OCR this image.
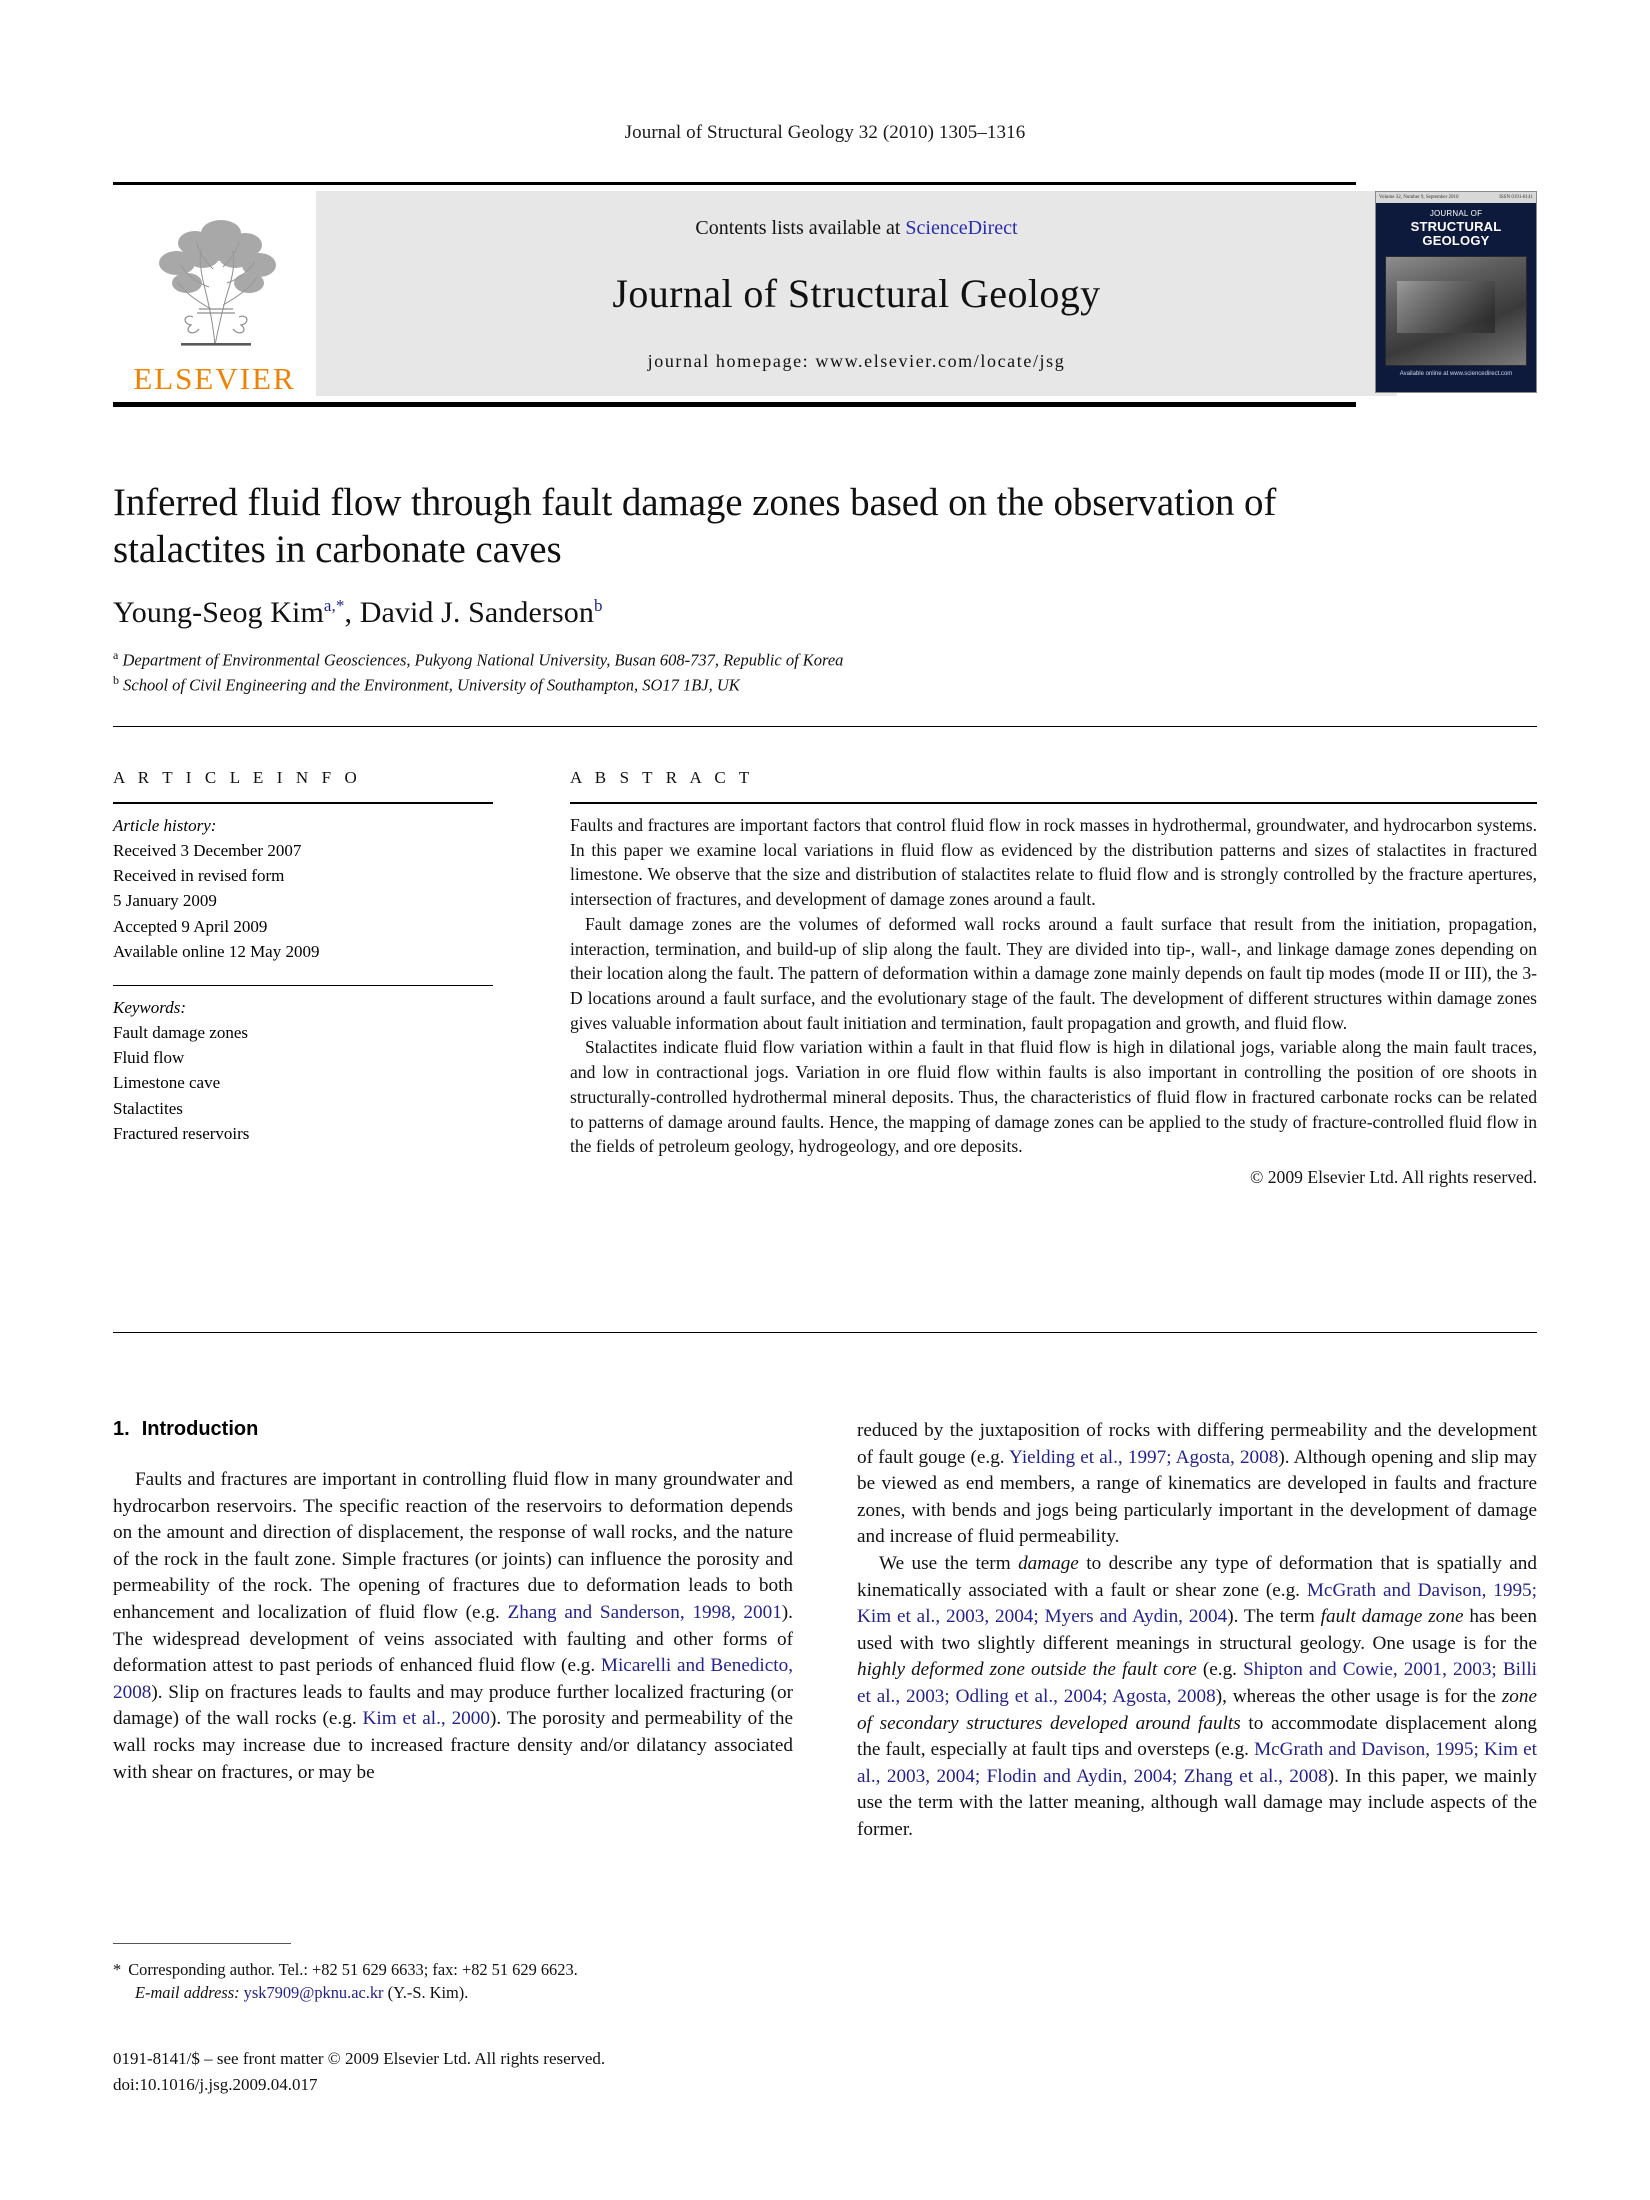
Journal of Structural Geology 32 (2010) 1305–1316
ELSEVIER
Contents lists available at ScienceDirect
Journal of Structural Geology
journal homepage: www.elsevier.com/locate/jsg
Volume 32, Number 9, September 2010	ISSN 0191-8141
JOURNAL OF
STRUCTURAL GEOLOGY
Available online at www.sciencedirect.com
Inferred fluid flow through fault damage zones based on the observation of stalactites in carbonate caves
Young-Seog Kim$^{a,*}$, David J. Sanderson$^b$
$^a$ Department of Environmental Geosciences, Pukyong National University, Busan 608-737, Republic of Korea
$^b$ School of Civil Engineering and the Environment, University of Southampton, SO17 1BJ, UK
A R T I C L E I N F O
Article history:
Received 3 December 2007
Received in revised form
5 January 2009
Accepted 9 April 2009
Available online 12 May 2009
Keywords:
Fault damage zones
Fluid flow
Limestone cave
Stalactites
Fractured reservoirs
A B S T R A C T

Faults and fractures are important factors that control fluid flow in rock masses in hydrothermal, groundwater, and hydrocarbon systems. In this paper we examine local variations in fluid flow as evidenced by the distribution patterns and sizes of stalactites in fractured limestone. We observe that the size and distribution of stalactites relate to fluid flow and is strongly controlled by the fracture apertures, intersection of fractures, and development of damage zones around a fault.

Fault damage zones are the volumes of deformed wall rocks around a fault surface that result from the initiation, propagation, interaction, termination, and build-up of slip along the fault. They are divided into tip-, wall-, and linkage damage zones depending on their location along the fault. The pattern of deformation within a damage zone mainly depends on fault tip modes (mode II or III), the 3-D locations around a fault surface, and the evolutionary stage of the fault. The development of different structures within damage zones gives valuable information about fault initiation and termination, fault propagation and growth, and fluid flow.

Stalactites indicate fluid flow variation within a fault in that fluid flow is high in dilational jogs, variable along the main fault traces, and low in contractional jogs. Variation in ore fluid flow within faults is also important in controlling the position of ore shoots in structurally-controlled hydrothermal mineral deposits. Thus, the characteristics of fluid flow in fractured carbonate rocks can be related to patterns of damage around faults. Hence, the mapping of damage zones can be applied to the study of fracture-controlled fluid flow in the fields of petroleum geology, hydrogeology, and ore deposits.

© 2009 Elsevier Ltd. All rights reserved.
1. Introduction

Faults and fractures are important in controlling fluid flow in many groundwater and hydrocarbon reservoirs. The specific reaction of the reservoirs to deformation depends on the amount and direction of displacement, the response of wall rocks, and the nature of the rock in the fault zone. Simple fractures (or joints) can influence the porosity and permeability of the rock. The opening of fractures due to deformation leads to both enhancement and localization of fluid flow (e.g. Zhang and Sanderson, 1998, 2001). The widespread development of veins associated with faulting and other forms of deformation attest to past periods of enhanced fluid flow (e.g. Micarelli and Benedicto, 2008). Slip on fractures leads to faults and may produce further localized fracturing (or damage) of the wall rocks (e.g. Kim et al., 2000). The porosity and permeability of the wall rocks may increase due to increased fracture density and/or dilatancy associated with shear on fractures, or may be

reduced by the juxtaposition of rocks with differing permeability and the development of fault gouge (e.g. Yielding et al., 1997; Agosta, 2008). Although opening and slip may be viewed as end members, a range of kinematics are developed in faults and fracture zones, with bends and jogs being particularly important in the development of damage and increase of fluid permeability.

We use the term damage to describe any type of deformation that is spatially and kinematically associated with a fault or shear zone (e.g. McGrath and Davison, 1995; Kim et al., 2003, 2004; Myers and Aydin, 2004). The term fault damage zone has been used with two slightly different meanings in structural geology. One usage is for the highly deformed zone outside the fault core (e.g. Shipton and Cowie, 2001, 2003; Billi et al., 2003; Odling et al., 2004; Agosta, 2008), whereas the other usage is for the zone of secondary structures developed around faults to accommodate displacement along the fault, especially at fault tips and oversteps (e.g. McGrath and Davison, 1995; Kim et al., 2003, 2004; Flodin and Aydin, 2004; Zhang et al., 2008). In this paper, we mainly use the term with the latter meaning, although wall damage may include aspects of the former.

* Corresponding author. Tel.: +82 51 629 6633; fax: +82 51 629 6623.
E-mail address: ysk7909@pknu.ac.kr (Y.-S. Kim).
0191-8141/$ – see front matter © 2009 Elsevier Ltd. All rights reserved.
doi:10.1016/j.jsg.2009.04.017
